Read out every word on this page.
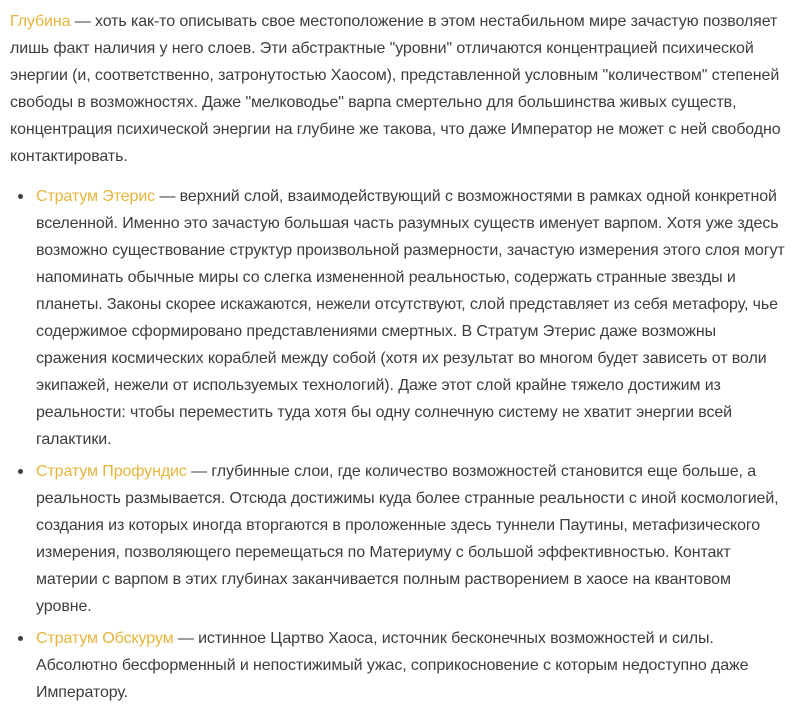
Глубина — хоть как-то описывать свое местоположение в этом нестабильном мире зачастую позволяет лишь факт наличия у него слоев. Эти абстрактные "уровни" отличаются концентрацией психической энергии (и, соответственно, затронутостью Хаосом), представленной условным "количеством" степеней свободы в возможностях. Даже "мелководье" варпа смертельно для большинства живых существ, концентрация психической энергии на глубине же такова, что даже Император не может с ней свободно контактировать.

Стратум Этерис — верхний слой, взаимодействующий с возможностями в рамках одной конкретной вселенной. Именно это зачастую большая часть разумных существ именует варпом. Хотя уже здесь возможно существование структур произвольной размерности, зачастую измерения этого слоя могут напоминать обычные миры со слегка измененной реальностью, содержать странные звезды и планеты. Законы скорее искажаются, нежели отсутствуют, слой представляет из себя метафору, чье содержимое сформировано представлениями смертных. В Стратум Этерис даже возможны сражения космических кораблей между собой (хотя их результат во многом будет зависеть от воли экипажей, нежели от используемых технологий). Даже этот слой крайне тяжело достижим из реальности: чтобы переместить туда хотя бы одну солнечную систему не хватит энергии всей галактики.
Стратум Профундис — глубинные слои, где количество возможностей становится еще больше, а реальность размывается. Отсюда достижимы куда более странные реальности с иной космологией, создания из которых иногда вторгаются в проложенные здесь туннели Паутины, метафизического измерения, позволяющего перемещаться по Материуму с большой эффективностью. Контакт материи с варпом в этих глубинах заканчивается полным растворением в хаосе на квантовом уровне.
Стратум Обскурум — истинное Цартво Хаоса, источник бесконечных возможностей и силы. Абсолютно бесформенный и непостижимый ужас, соприкосновение с которым недоступно даже Императору.
